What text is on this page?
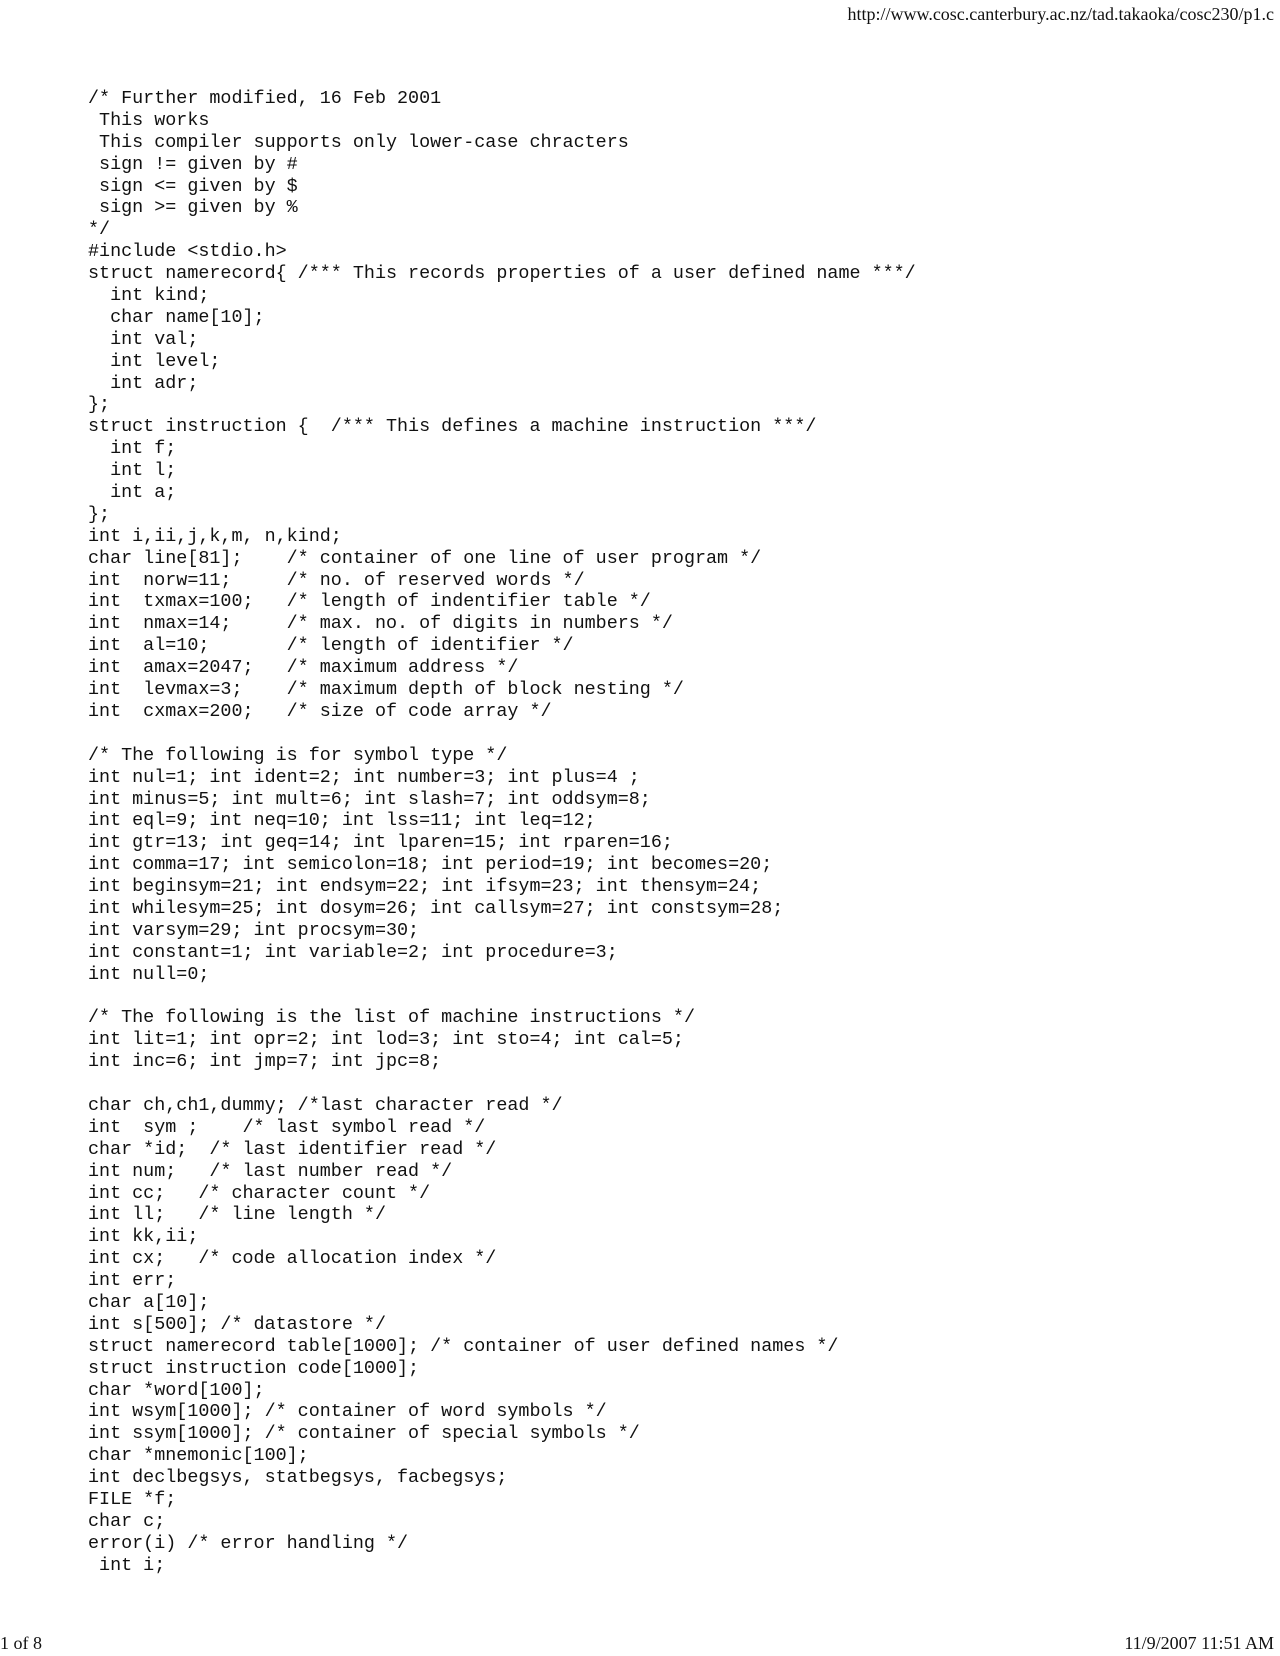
http://www.cosc.canterbury.ac.nz/tad.takaoka/cosc230/p1.c
/* Further modified, 16 Feb 2001
This works
This compiler supports only lower-case chracters
sign != given by #
sign <= given by $
sign >= given by %
*/
#include <stdio.h>
struct namerecord{ /*** This records properties of a user defined name ***/
int kind;
char name[10];
int val;
int level;
int adr;
};
struct instruction {  /*** This defines a machine instruction ***/
int f;
int l;
int a;
};
int i,ii,j,k,m, n,kind;
char line[81];    /* container of one line of user program */
int  norw=11;     /* no. of reserved words */
int  txmax=100;   /* length of indentifier table */
int  nmax=14;     /* max. no. of digits in numbers */
int  al=10;       /* length of identifier */
int  amax=2047;   /* maximum address */
int  levmax=3;    /* maximum depth of block nesting */
int  cxmax=200;   /* size of code array */
/* The following is for symbol type */
int nul=1; int ident=2; int number=3; int plus=4 ;
int minus=5; int mult=6; int slash=7; int oddsym=8;
int eql=9; int neq=10; int lss=11; int leq=12;
int gtr=13; int geq=14; int lparen=15; int rparen=16;
int comma=17; int semicolon=18; int period=19; int becomes=20;
int beginsym=21; int endsym=22; int ifsym=23; int thensym=24;
int whilesym=25; int dosym=26; int callsym=27; int constsym=28;
int varsym=29; int procsym=30;
int constant=1; int variable=2; int procedure=3;
int null=0;
/* The following is the list of machine instructions */
int lit=1; int opr=2; int lod=3; int sto=4; int cal=5;
int inc=6; int jmp=7; int jpc=8;
char ch,ch1,dummy; /*last character read */
int  sym ;    /* last symbol read */
char *id;  /* last identifier read */
int num;   /* last number read */
int cc;   /* character count */
int ll;   /* line length */
int kk,ii;
int cx;   /* code allocation index */
int err;
char a[10];
int s[500]; /* datastore */
struct namerecord table[1000]; /* container of user defined names */
struct instruction code[1000];
char *word[100];
int wsym[1000]; /* container of word symbols */
int ssym[1000]; /* container of special symbols */
char *mnemonic[100];
int declbegsys, statbegsys, facbegsys;
FILE *f;
char c;
error(i) /* error handling */
int i;
1 of 8	11/9/2007 11:51 AM
